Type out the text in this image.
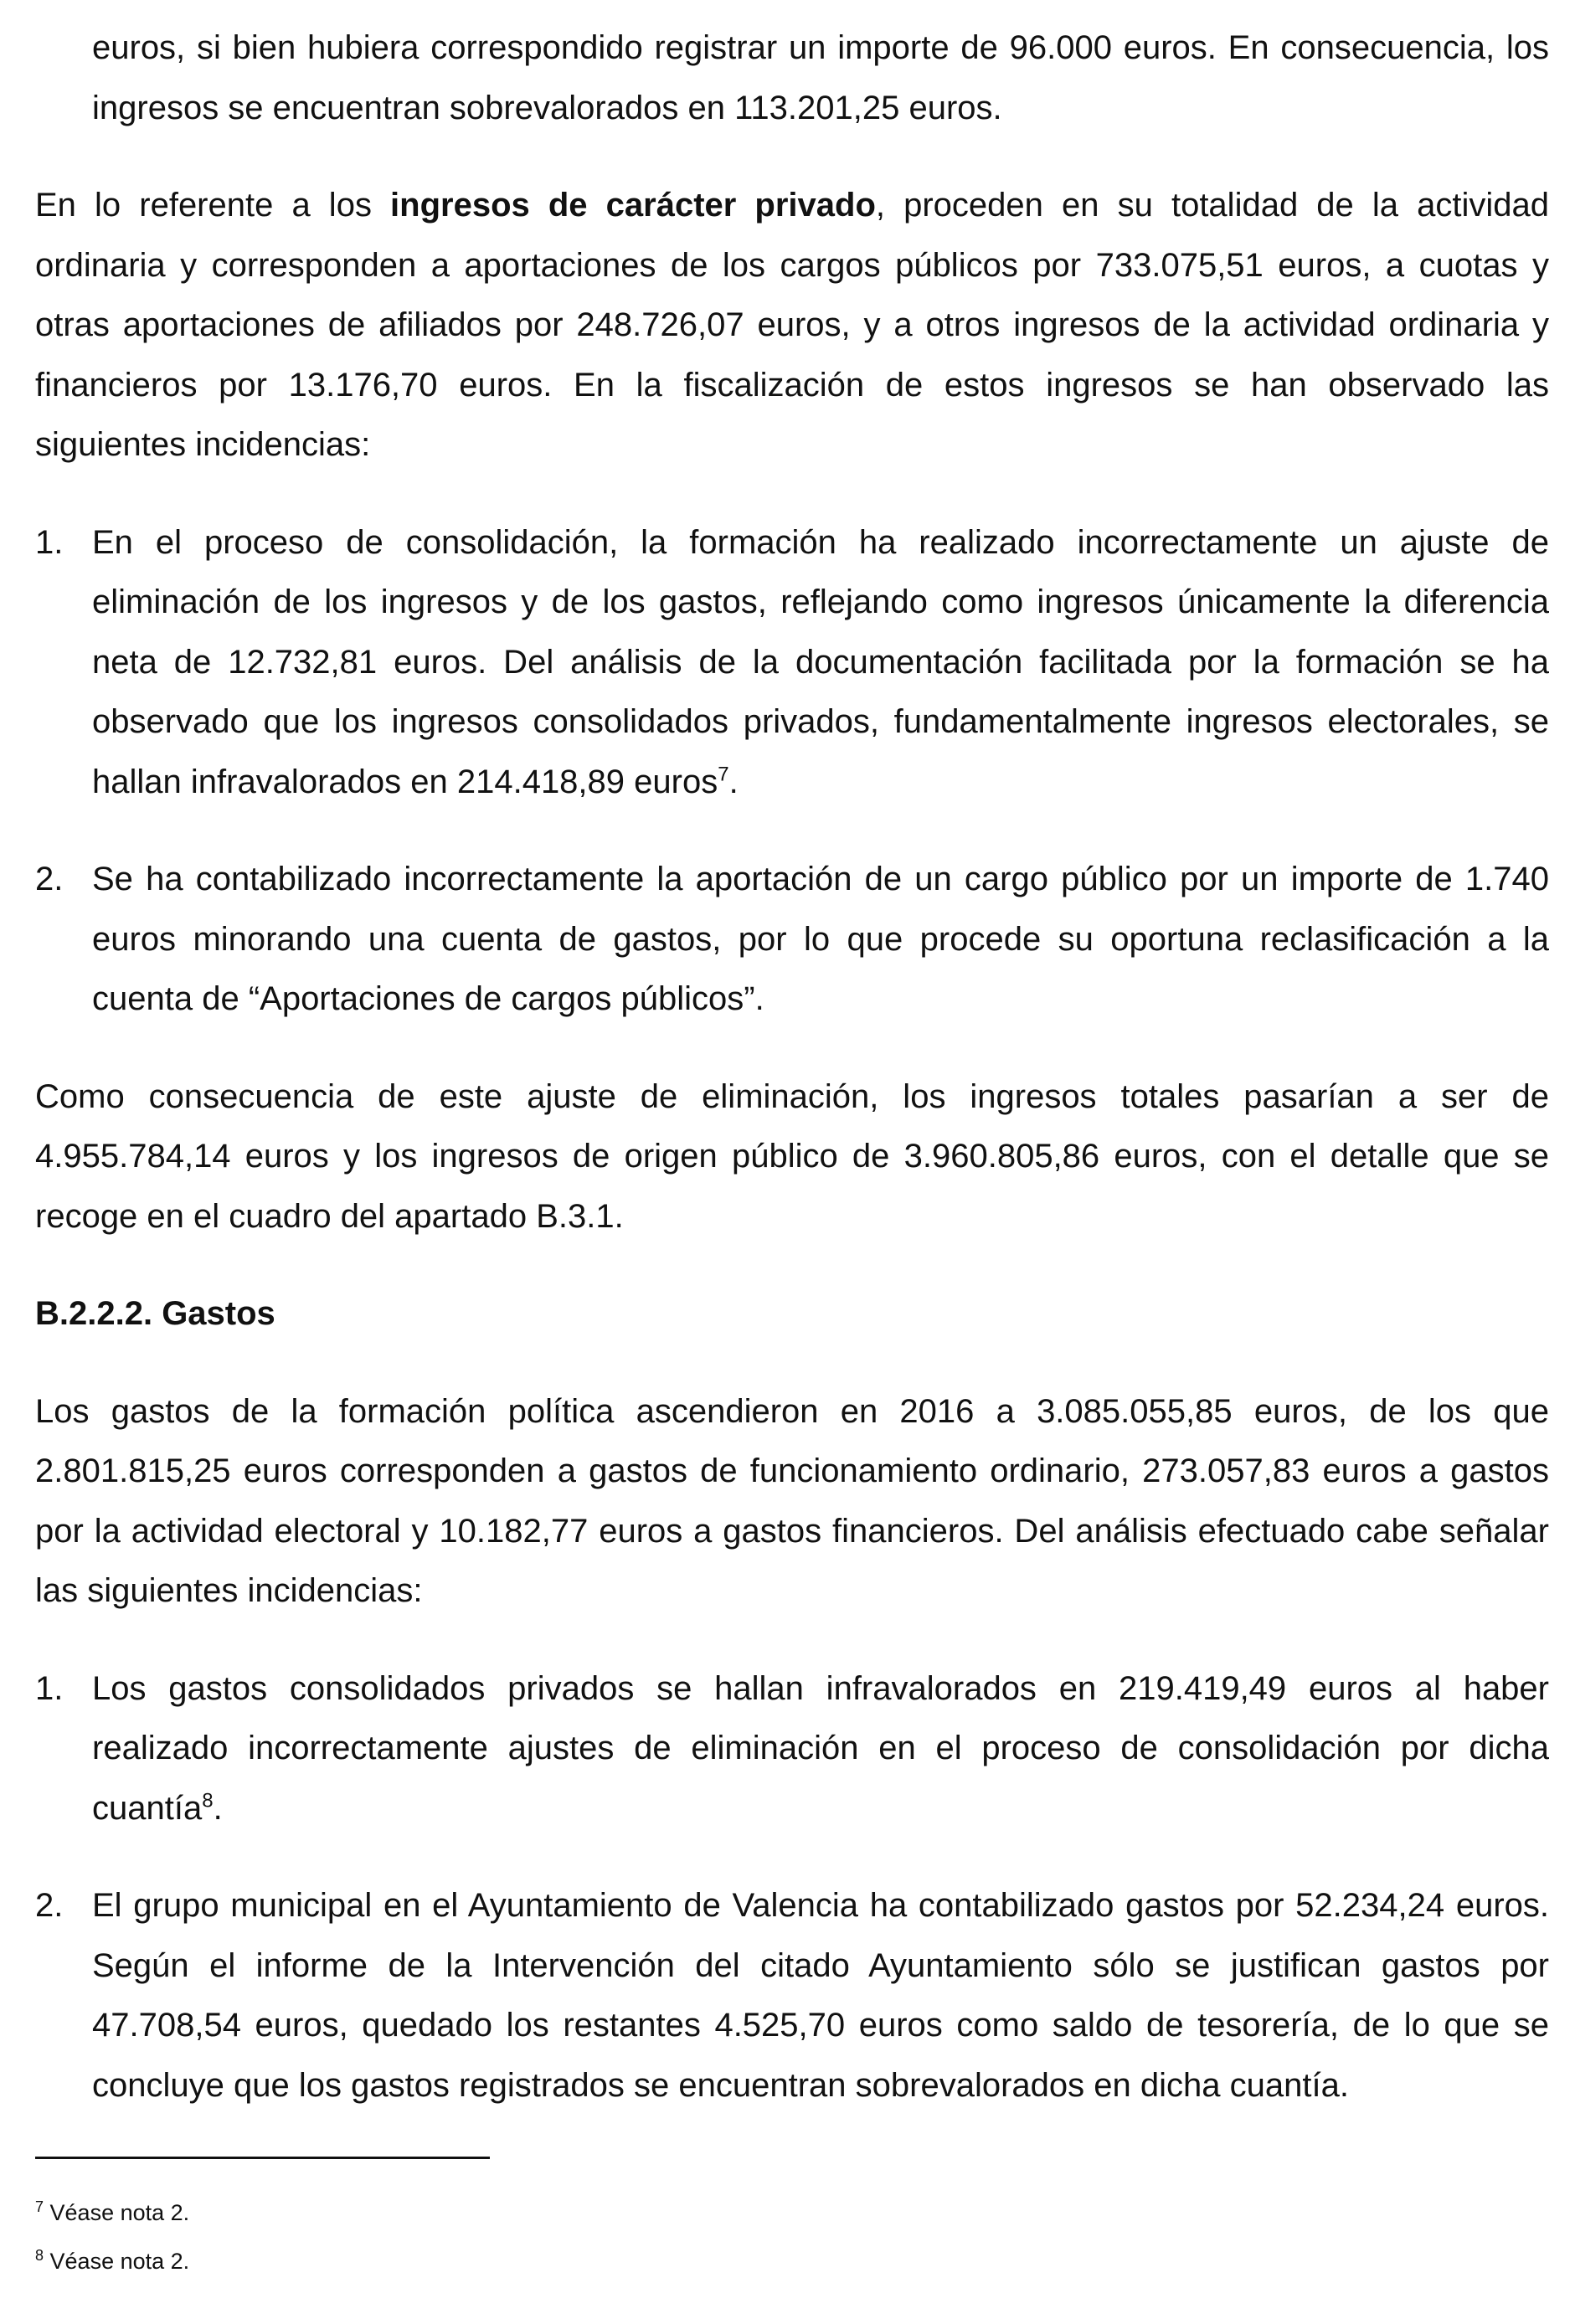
euros, si bien hubiera correspondido registrar un importe de 96.000 euros. En consecuencia, los ingresos se encuentran sobrevalorados en 113.201,25 euros.

En lo referente a los ingresos de carácter privado, proceden en su totalidad de la actividad ordinaria y corresponden a aportaciones de los cargos públicos por 733.075,51 euros, a cuotas y otras aportaciones de afiliados por 248.726,07 euros, y a otros ingresos de la actividad ordinaria y financieros por 13.176,70 euros. En la fiscalización de estos ingresos se han observado las siguientes incidencias:

1. En el proceso de consolidación, la formación ha realizado incorrectamente un ajuste de eliminación de los ingresos y de los gastos, reflejando como ingresos únicamente la diferencia neta de 12.732,81 euros. Del análisis de la documentación facilitada por la formación se ha observado que los ingresos consolidados privados, fundamentalmente ingresos electorales, se hallan infravalorados en 214.418,89 euros$^7$.
2. Se ha contabilizado incorrectamente la aportación de un cargo público por un importe de 1.740 euros minorando una cuenta de gastos, por lo que procede su oportuna reclasificación a la cuenta de “Aportaciones de cargos públicos”.

Como consecuencia de este ajuste de eliminación, los ingresos totales pasarían a ser de 4.955.784,14 euros y los ingresos de origen público de 3.960.805,86 euros, con el detalle que se recoge en el cuadro del apartado B.3.1.

B.2.2.2. Gastos

Los gastos de la formación política ascendieron en 2016 a 3.085.055,85 euros, de los que 2.801.815,25 euros corresponden a gastos de funcionamiento ordinario, 273.057,83 euros a gastos por la actividad electoral y 10.182,77 euros a gastos financieros. Del análisis efectuado cabe señalar las siguientes incidencias:

1. Los gastos consolidados privados se hallan infravalorados en 219.419,49 euros al haber realizado incorrectamente ajustes de eliminación en el proceso de consolidación por dicha cuantía$^8$.
2. El grupo municipal en el Ayuntamiento de Valencia ha contabilizado gastos por 52.234,24 euros. Según el informe de la Intervención del citado Ayuntamiento sólo se justifican gastos por 47.708,54 euros, quedado los restantes 4.525,70 euros como saldo de tesorería, de lo que se concluye que los gastos registrados se encuentran sobrevalorados en dicha cuantía.

$^7$ Véase nota 2.

$^8$ Véase nota 2.
